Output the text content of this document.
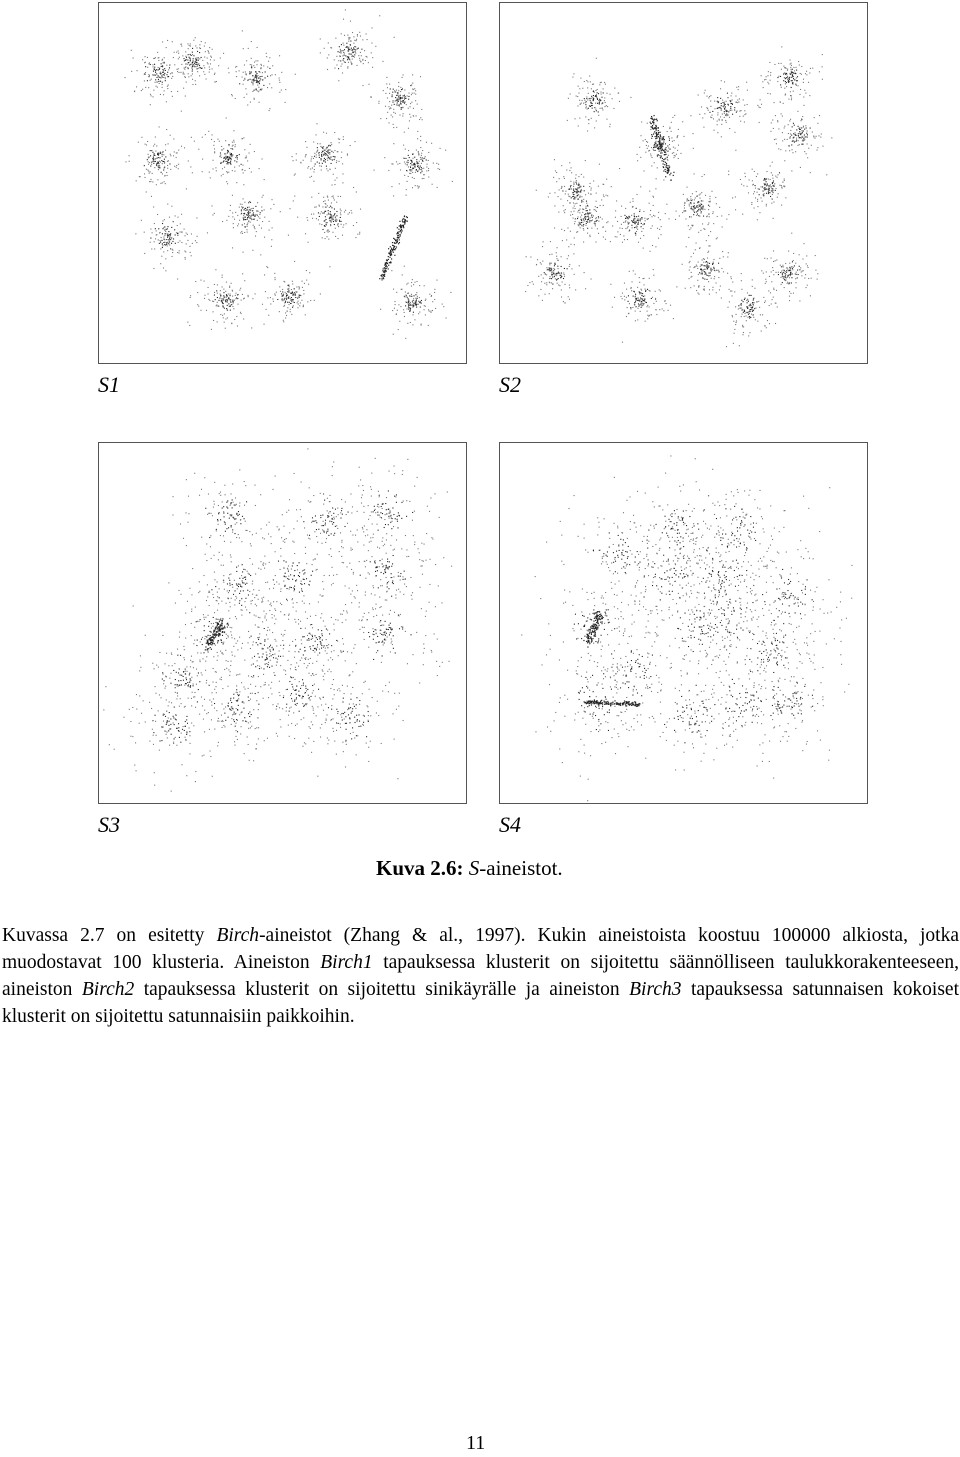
S1	S2
S3	S4
Kuva 2.6: S-aineistot.

Kuvassa 2.7 on esitetty Birch-aineistot (Zhang & al., 1997). Kukin aineistoista koostuu 100000 alkiosta, jotka muodostavat 100 klusteria. Aineiston Birch1 tapauksessa klusterit on sijoitettu säännölliseen taulukkorakenteeseen, aineiston Birch2 tapauksessa klusterit on sijoitettu sinikäyrälle ja aineiston Birch3 tapauksessa satunnaisen kokoiset klusterit on sijoitettu satunnaisiin paikkoihin.

11
